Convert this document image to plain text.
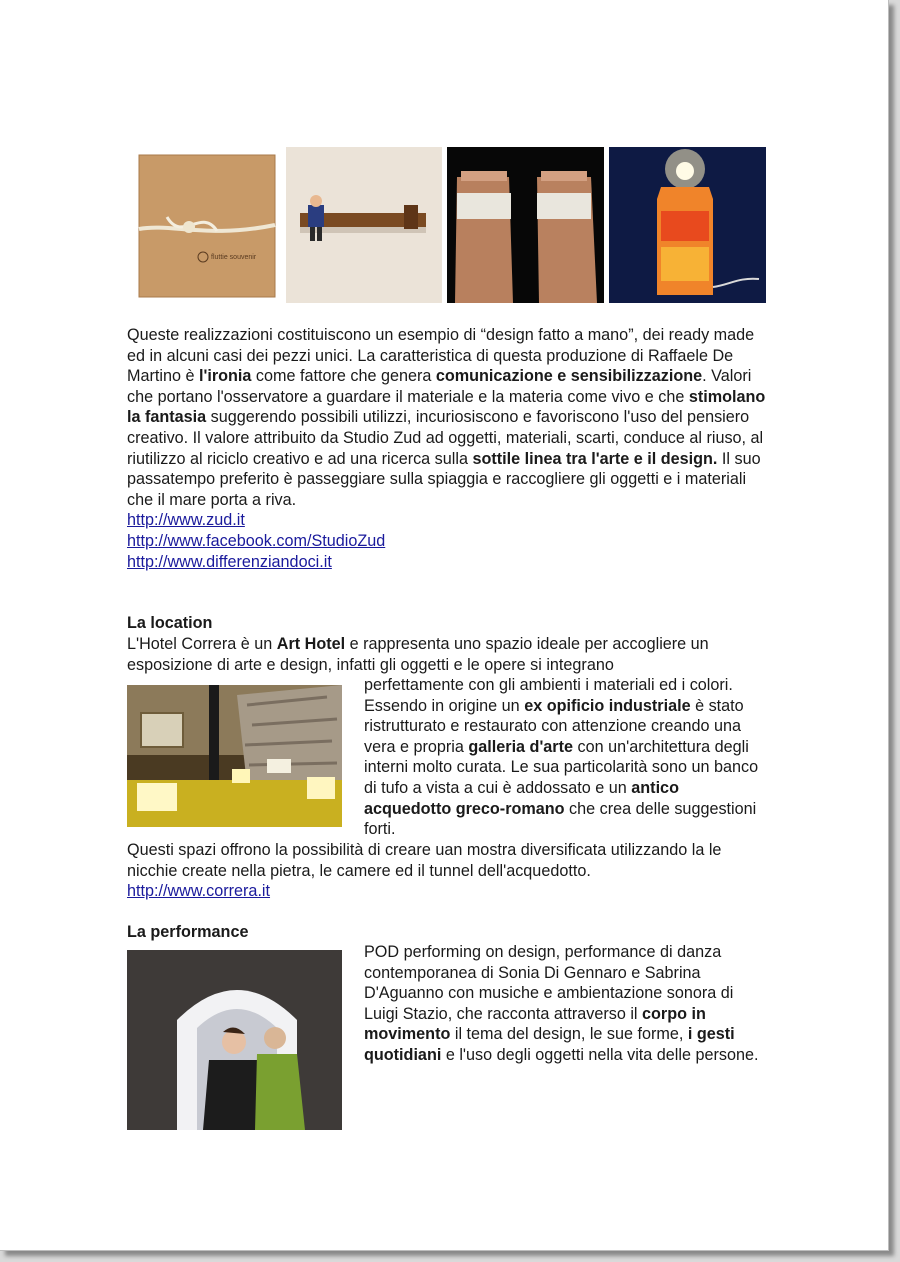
fluttie souvenir

Queste realizzazioni costituiscono un esempio di “design fatto a mano”, dei ready made ed in alcuni casi dei pezzi unici. La caratteristica di questa produzione di Raffaele De Martino è l'ironia come fattore che genera comunicazione e sensibilizzazione. Valori che portano l'osservatore a guardare il materiale e la materia come vivo e che stimolano la fantasia suggerendo possibili utilizzi, incuriosiscono e favoriscono l'uso del pensiero creativo. Il valore attribuito da Studio Zud ad oggetti, materiali, scarti, conduce al riuso, al riutilizzo al riciclo creativo e ad una ricerca sulla sottile linea tra l'arte e il design. Il suo passatempo preferito è passeggiare sulla spiaggia e raccogliere gli oggetti e i materiali che il mare porta a riva.

http://www.zud.it

http://www.facebook.com/StudioZud

http://www.differenziandoci.it

La location
L'Hotel Correra è un Art Hotel e rappresenta uno spazio ideale per accogliere un esposizione di arte e design, infatti gli oggetti e le opere si integrano
perfettamente con gli ambienti i materiali ed i colori. Essendo in origine un ex opificio industriale è stato ristrutturato e restaurato con attenzione creando una vera e propria galleria d'arte con un'architettura degli interni molto curata. Le sua particolarità sono un banco di tufo a vista a cui è addossato e un antico acquedotto greco-romano che crea delle suggestioni forti.

Questi spazi offrono la possibilità di creare uan mostra diversificata utilizzando la le nicchie create nella pietra, le camere ed il tunnel dell'acquedotto.

http://www.correra.it

La performance
POD performing on design, performance di danza contemporanea di Sonia Di Gennaro e Sabrina D'Aguanno con musiche e ambientazione sonora di Luigi Stazio, che racconta attraverso il corpo in movimento il tema del design, le sue forme, i gesti quotidiani e l'uso degli oggetti nella vita delle persone.
